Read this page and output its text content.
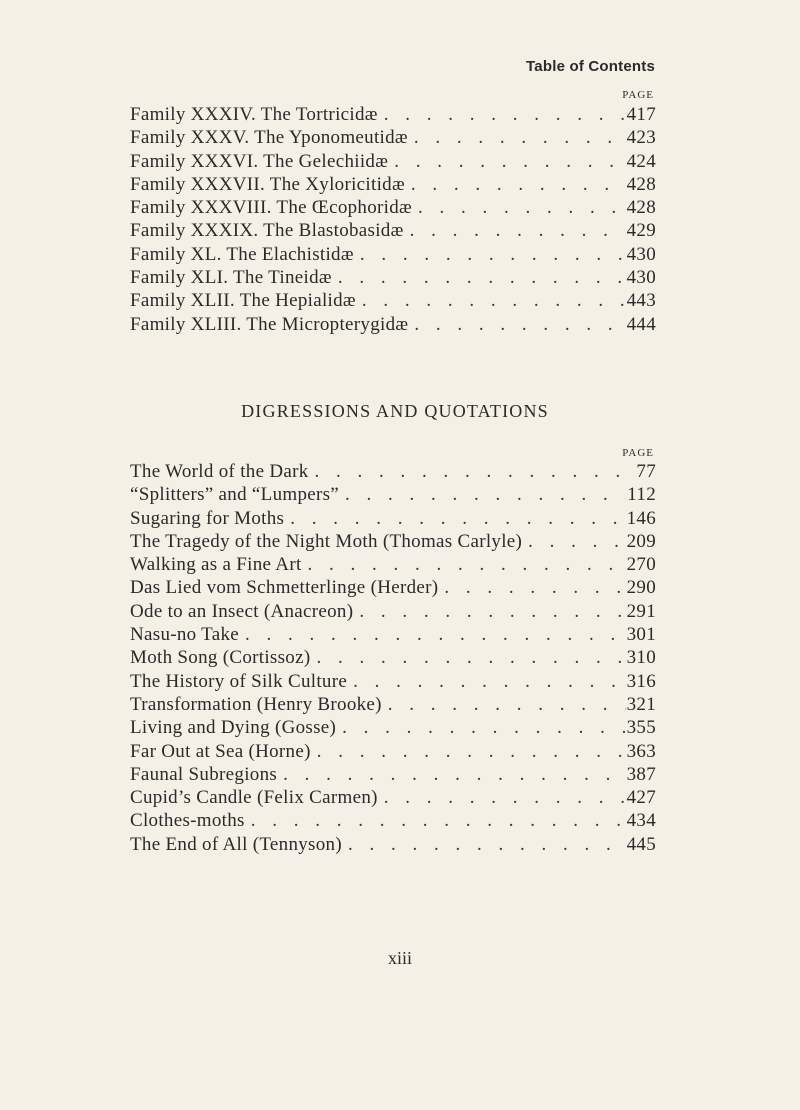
Table of Contents
PAGE
Family XXXIV. The Tortricidæ . . .	417
Family XXXV. The Yponomeutidæ . . .	423
Family XXXVI. The Gelechiidæ . . .	424
Family XXXVII. The Xyloricitidæ . . .	428
Family XXXVIII. The Œcophoridæ . . .	428
Family XXXIX. The Blastobasidæ . . .	429
Family XL. The Elachistidæ . . .	430
Family XLI. The Tineidæ . . .	430
Family XLII. The Hepialidæ . . .	443
Family XLIII. The Micropterygidæ . . .	444
DIGRESSIONS AND QUOTATIONS
PAGE
The World of the Dark . . .	77
“Splitters” and “Lumpers” . . .	112
Sugaring for Moths . . .	146
The Tragedy of the Night Moth (Thomas Carlyle) . . .	209
Walking as a Fine Art . . .	270
Das Lied vom Schmetterlinge (Herder) . . .	290
Ode to an Insect (Anacreon) . . .	291
Nasu-no Take . . .	301
Moth Song (Cortissoz) . . .	310
The History of Silk Culture . . .	316
Transformation (Henry Brooke) . . .	321
Living and Dying (Gosse) . . .	355
Far Out at Sea (Horne) . . .	363
Faunal Subregions . . .	387
Cupid’s Candle (Felix Carmen) . . .	427
Clothes-moths . . .	434
The End of All (Tennyson) . . .	445
xiii
